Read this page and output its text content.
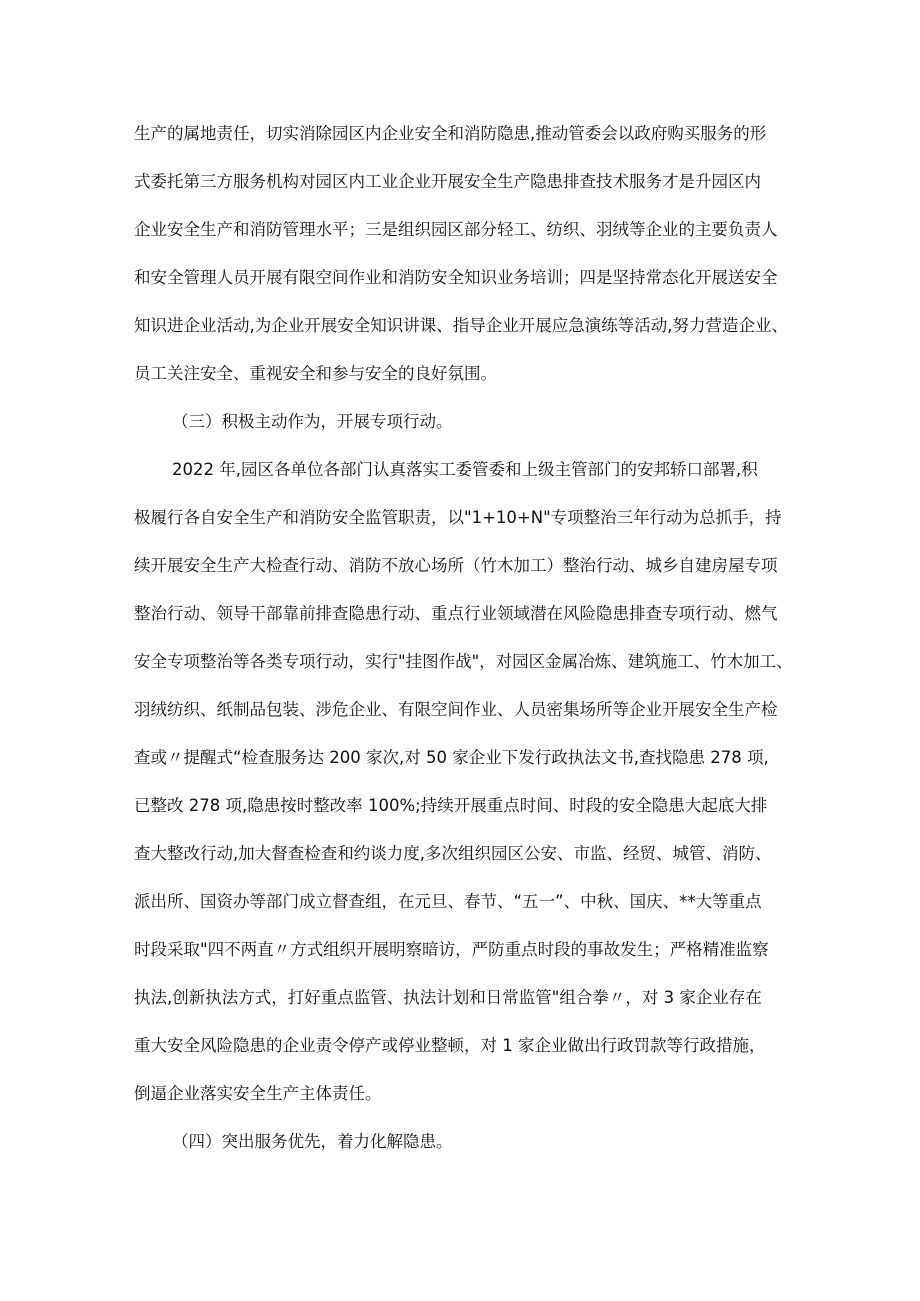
生产的属地责任，切实消除园区内企业安全和消防隐患,推动管委会以政府购买服务的形
式委托第三方服务机构对园区内工业企业开展安全生产隐患排查技术服务才是升园区内
企业安全生产和消防管理水平；三是组织园区部分轻工、纺织、羽绒等企业的主要负责人
和安全管理人员开展有限空间作业和消防安全知识业务培训；四是坚持常态化开展送安全
知识进企业活动,为企业开展安全知识讲课、指导企业开展应急演练等活动,努力营造企业、
员工关注安全、重视安全和参与安全的良好氛围。
（三）积极主动作为，开展专项行动。
2022 年,园区各单位各部门认真落实工委管委和上级主管部门的安邦轿口部署,积
极履行各自安全生产和消防安全监管职责，以"1+10+N"专项整治三年行动为总抓手，持
续开展安全生产大检查行动、消防不放心场所（竹木加工）整治行动、城乡自建房屋专项
整治行动、领导干部靠前排查隐患行动、重点行业领域潜在风险隐患排查专项行动、燃气
安全专项整治等各类专项行动，实行"挂图作战"，对园区金属冶炼、建筑施工、竹木加工、
羽绒纺织、纸制品包装、涉危企业、有限空间作业、人员密集场所等企业开展安全生产检
查或〃提醒式“检查服务达 200 家次,对 50 家企业下发行政执法文书,查找隐患 278 项,
已整改 278 项,隐患按时整改率 100%;持续开展重点时间、时段的安全隐患大起底大排
查大整改行动,加大督查检查和约谈力度,多次组织园区公安、市监、经贸、城管、消防、
派出所、国资办等部门成立督查组，在元旦、春节、“五一”、中秋、国庆、**大等重点
时段采取"四不两直〃方式组织开展明察暗访，严防重点时段的事故发生；严格精准监察
执法,创新执法方式，打好重点监管、执法计划和日常监管"组合拳〃，对 3 家企业存在
重大安全风险隐患的企业责令停产或停业整顿，对 1 家企业做出行政罚款等行政措施，
倒逼企业落实安全生产主体责任。
（四）突出服务优先，着力化解隐患。
